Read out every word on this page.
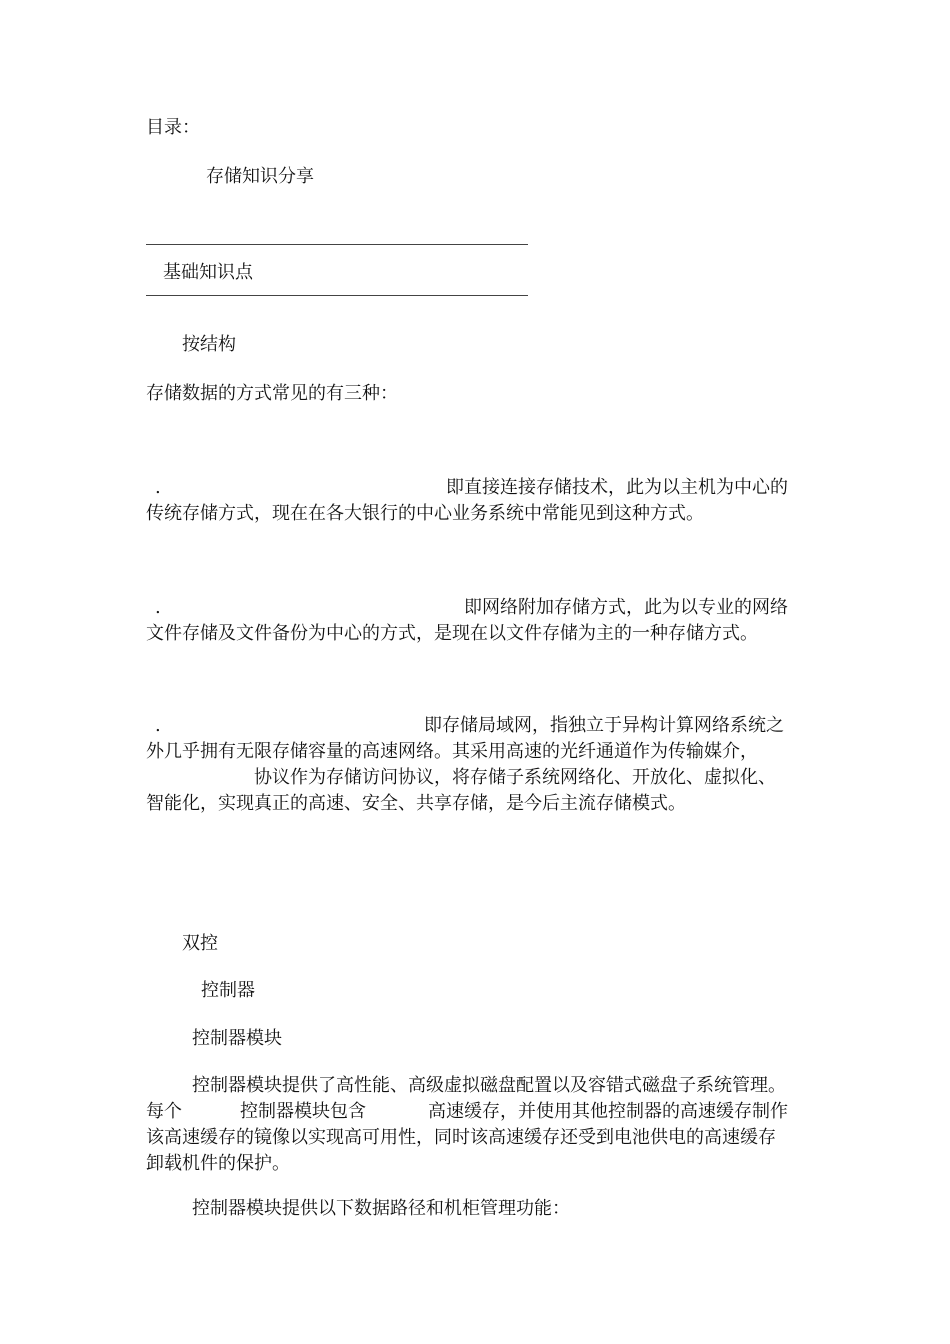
目录：
存储知识分享
基础知识点
按结构
存储数据的方式常见的有三种：
.	即直接连接存储技术，此为以主机为中心的
传统存储方式，现在在各大银行的中心业务系统中常能见到这种方式。
.	即网络附加存储方式，此为以专业的网络
文件存储及文件备份为中心的方式，是现在以文件存储为主的一种存储方式。
.	即存储局域网，指独立于异构计算网络系统之
外几乎拥有无限存储容量的高速网络。其采用高速的光纤通道作为传输媒介，
协议作为存储访问协议，将存储子系统网络化、开放化、虚拟化、
智能化，实现真正的高速、安全、共享存储，是今后主流存储模式。
双控
控制器
控制器模块
控制器模块提供了高性能、高级虚拟磁盘配置以及容错式磁盘子系统管理。
每个	控制器模块包含	高速缓存，并使用其他控制器的高速缓存制作
该高速缓存的镜像以实现高可用性，同时该高速缓存还受到电池供电的高速缓存
卸载机件的保护。
控制器模块提供以下数据路径和机柜管理功能：
